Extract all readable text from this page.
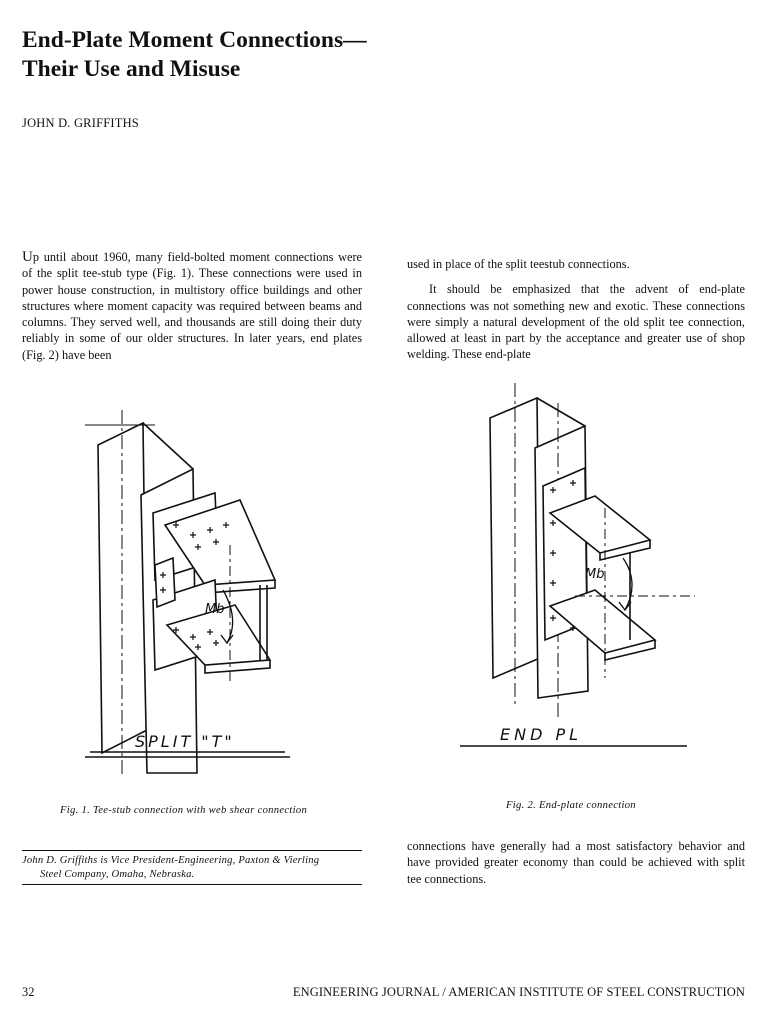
End-Plate Moment Connections—
Their Use and Misuse
JOHN D. GRIFFITHS

Up until about 1960, many field-bolted moment connections were of the split tee-stub type (Fig. 1). These connections were used in power house construction, in multistory office buildings and other structures where moment capacity was required between beams and columns. They served well, and thousands are still doing their duty reliably in some of our older structures. In later years, end plates (Fig. 2) have been

used in place of the split teestub connections.

It should be emphasized that the advent of end-plate connections was not something new and exotic. These connections were simply a natural development of the old split tee connection, allowed at least in part by the acceptance and greater use of shop welding. These end-plate

Mb
SPLIT "T"
Mb
END PL
Fig. 1. Tee-stub connection with web shear connection	Fig. 2. End-plate connection
John D. Griffiths is Vice President-Engineering, Paxton & Vierling
Steel Company, Omaha, Nebraska.

connections have generally had a most satisfactory behavior and have provided greater economy than could be achieved with split tee connections.

32	ENGINEERING JOURNAL / AMERICAN INSTITUTE OF STEEL CONSTRUCTION
